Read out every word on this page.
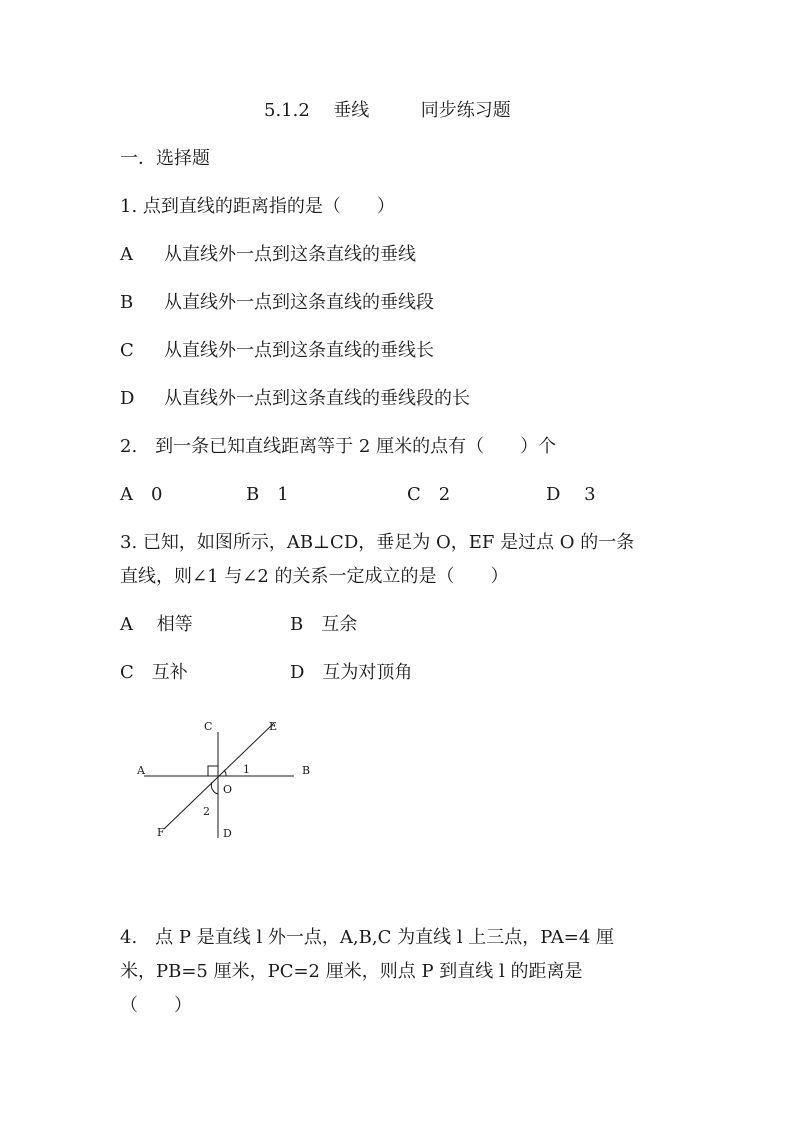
5.1.2 垂线	同步练习题
一．选择题
1. 点到直线的距离指的是（　　）
A 从直线外一点到这条直线的垂线
B 从直线外一点到这条直线的垂线段
C 从直线外一点到这条直线的垂线长
D 从直线外一点到这条直线的垂线段的长
2.　到一条已知直线距离等于 2 厘米的点有（　　）个
A　0	B　1	C　2	D　 3
3. 已知，如图所示，AB⊥CD，垂足为 O，EF 是过点 O 的一条
直线，则∠1 与∠2 的关系一定成立的是（　　）
A　 相等	B　互余
C　互补	D　互为对顶角
A	B
C
D
E
F
O
1
2
4.　点 P 是直线 l 外一点，A,B,C 为直线 l 上三点，PA=4 厘
米，PB=5 厘米，PC=2 厘米，则点 P 到直线 l 的距离是
（　　）
